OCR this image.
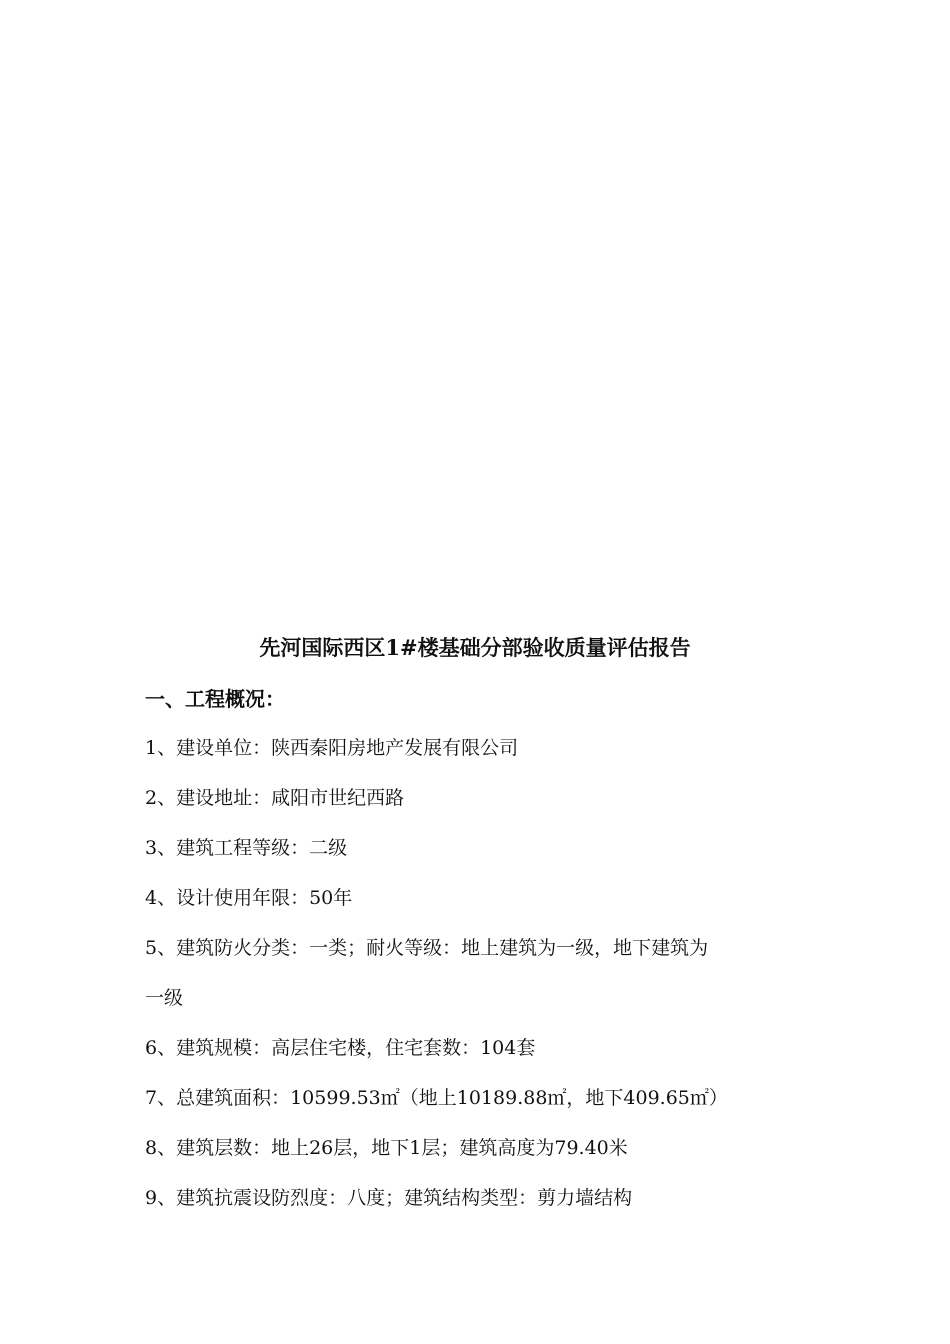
先河国际西区1#楼基础分部验收质量评估报告
一、工程概况：
1、建设单位：陕西秦阳房地产发展有限公司
2、建设地址：咸阳市世纪西路
3、建筑工程等级：二级
4、设计使用年限：50年
5、建筑防火分类：一类；耐火等级：地上建筑为一级，地下建筑为
一级
6、建筑规模：高层住宅楼，住宅套数：104套
7、总建筑面积：10599.53㎡（地上10189.88㎡，地下409.65㎡）
8、建筑层数：地上26层，地下1层；建筑高度为79.40米
9、建筑抗震设防烈度：八度；建筑结构类型：剪力墙结构
